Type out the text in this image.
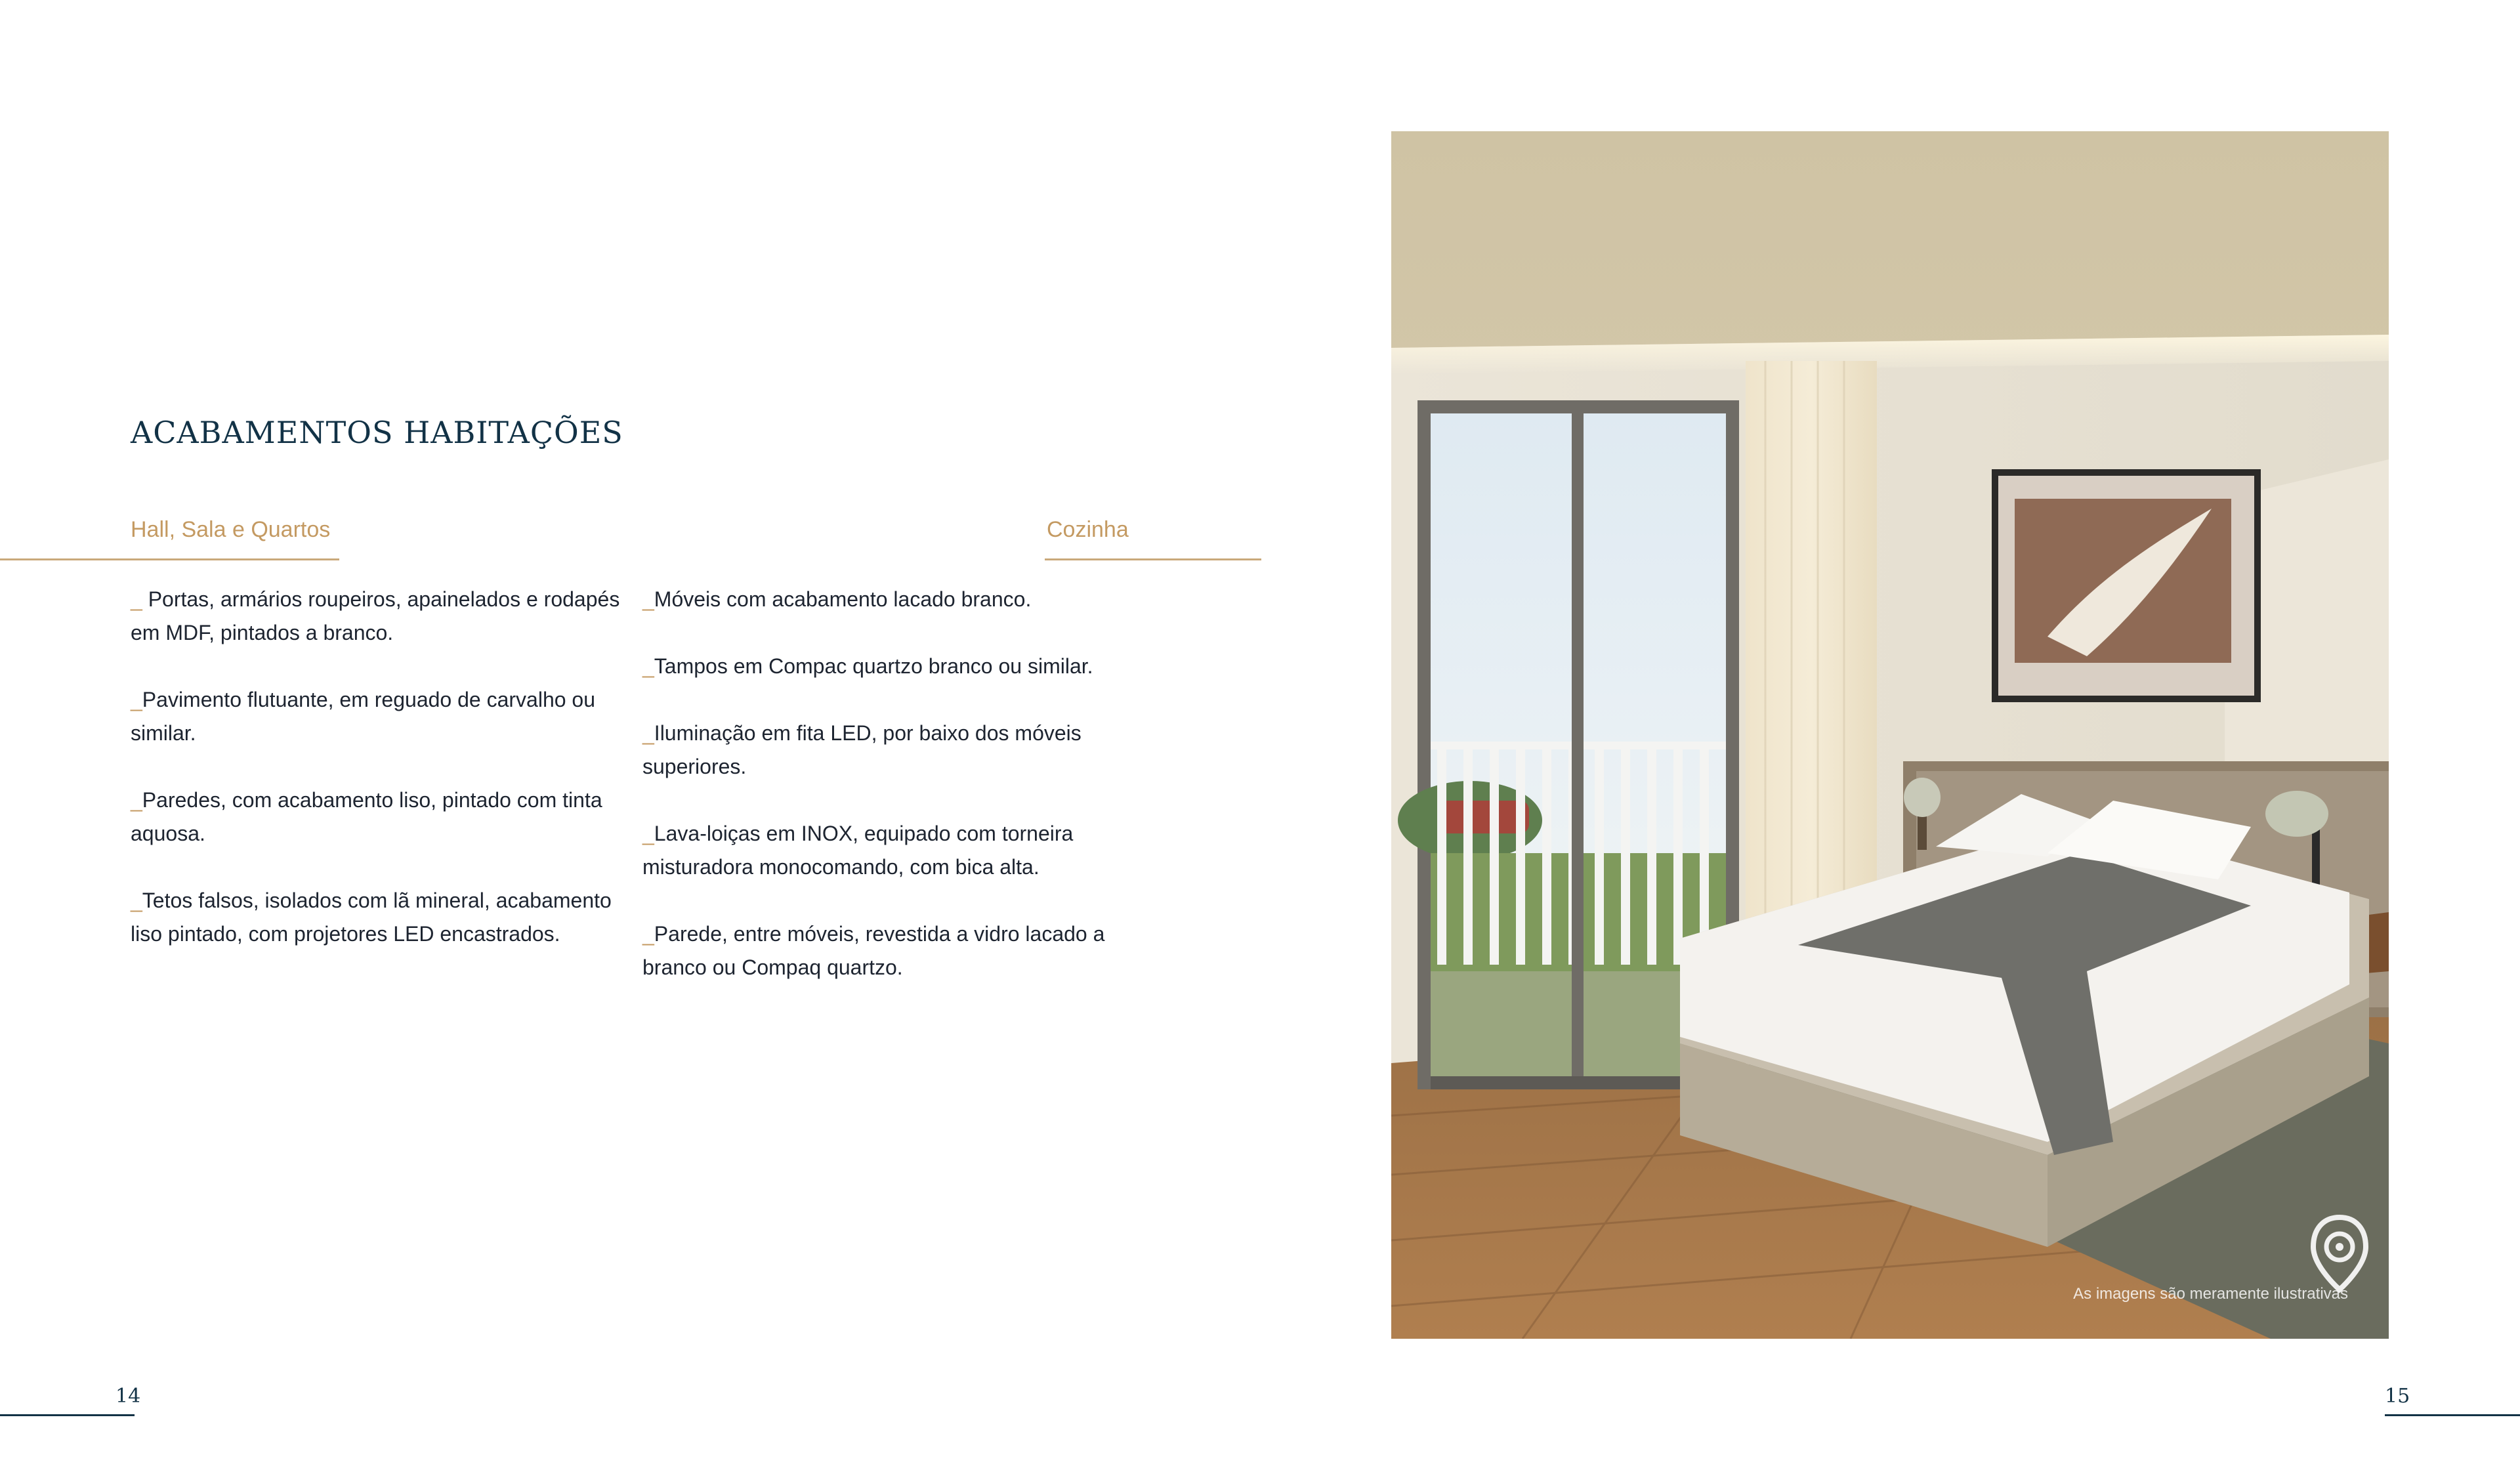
ACABAMENTOS HABITAÇÕES
Hall, Sala e Quartos	Cozinha

_ Portas, armários roupeiros, apainelados e rodapés em MDF, pintados a branco.

_Pavimento flutuante, em reguado de carvalho ou similar.

_Paredes, com acabamento liso, pintado com tinta aquosa.

_Tetos falsos, isolados com lã mineral, acabamento liso pintado, com projetores LED encastrados.

_Móveis com acabamento lacado branco.

_Tampos em Compac quartzo branco ou similar.

_Iluminação em fita LED, por baixo dos móveis superiores.

_Lava-loiças em INOX, equipado com torneira misturadora monocomando, com bica alta.

_Parede, entre móveis, revestida a vidro lacado a branco ou Compaq quartzo.

As imagens são meramente ilustrativas
14	15
